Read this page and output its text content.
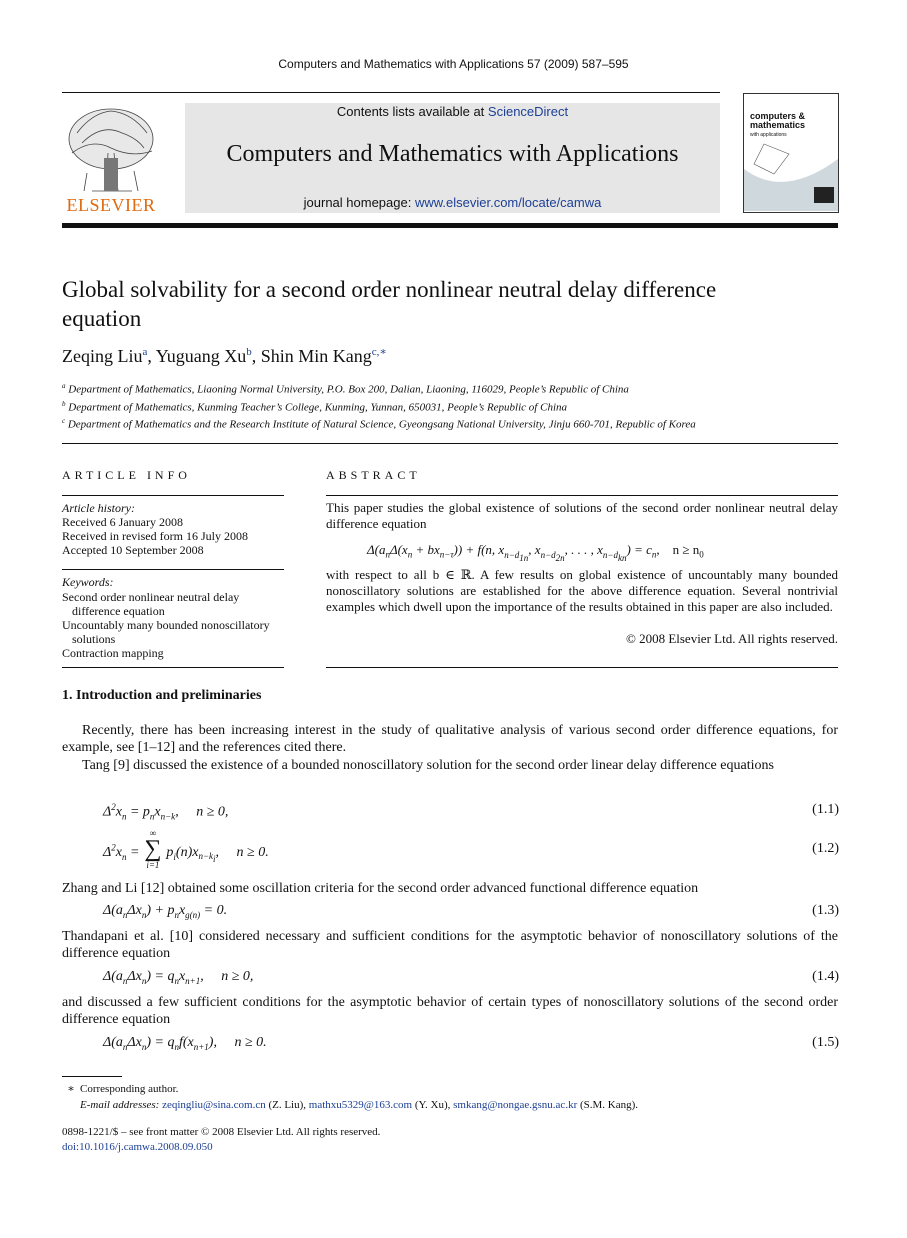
Computers and Mathematics with Applications 57 (2009) 587–595
ELSEVIER
Contents lists available at ScienceDirect
Computers and Mathematics with Applications
journal homepage: www.elsevier.com/locate/camwa
computers & mathematics
with applications
Global solvability for a second order nonlinear neutral delay difference equation
Zeqing Liu$^a$, Yuguang Xu$^b$, Shin Min Kang$^{c,∗}$
$^a$ Department of Mathematics, Liaoning Normal University, P.O. Box 200, Dalian, Liaoning, 116029, People’s Republic of China
$^b$ Department of Mathematics, Kunming Teacher’s College, Kunming, Yunnan, 650031, People’s Republic of China
$^c$ Department of Mathematics and the Research Institute of Natural Science, Gyeongsang National University, Jinju 660-701, Republic of Korea
ARTICLE INFO
Article history:
Received 6 January 2008
Received in revised form 16 July 2008
Accepted 10 September 2008
Keywords:
Second order nonlinear neutral delay difference equation
Uncountably many bounded nonoscillatory solutions
Contraction mapping
ABSTRACT
This paper studies the global existence of solutions of the second order nonlinear neutral delay difference equation
$\Delta(a_n\Delta(x_n + bx_{n-\tau})) + f(n$, $x_{n-d_{1n}}$, $x_{n-d_{2n}}$, . . . , $x_{n-d_{kn}}) = c_n$,    $n \ge n_0$
with respect to all b ∈ ℝ. A few results on global existence of uncountably many bounded nonoscillatory solutions are established for the above difference equation. Several nontrivial examples which dwell upon the importance of the results obtained in this paper are also included.
© 2008 Elsevier Ltd. All rights reserved.
1. Introduction and preliminaries
Recently, there has been increasing interest in the study of qualitative analysis of various second order difference equations, for example, see [1–12] and the references cited there.
Tang [9] discussed the existence of a bounded nonoscillatory solution for the second order linear delay difference equations
$\Delta^2x_n = p_nx_{n-k}$,     n ≥ 0,	(1.1)
$\Delta^2x_n$ =
∞
∑
i=1
$p_i(n)x_{n-k_i}$,     n ≥ 0.	(1.2)
Zhang and Li [12] obtained some oscillation criteria for the second order advanced functional difference equation
$\Delta(a_n\Delta x_n) + p_nx_{g(n)} = 0$.	(1.3)
Thandapani et al. [10] considered necessary and sufficient conditions for the asymptotic behavior of nonoscillatory solutions of the difference equation
$\Delta(a_n\Delta x_n) = q_nx_{n+1}$,     n ≥ 0,	(1.4)
and discussed a few sufficient conditions for the asymptotic behavior of certain types of nonoscillatory solutions of the second order difference equation
$\Delta(a_n\Delta x_n) = q_nf(x_{n+1})$,     n ≥ 0.	(1.5)
∗ Corresponding author.
E-mail addresses: zeqingliu@sina.com.cn (Z. Liu), mathxu5329@163.com (Y. Xu), smkang@nongae.gsnu.ac.kr (S.M. Kang).
0898-1221/$ – see front matter © 2008 Elsevier Ltd. All rights reserved.
doi:10.1016/j.camwa.2008.09.050
